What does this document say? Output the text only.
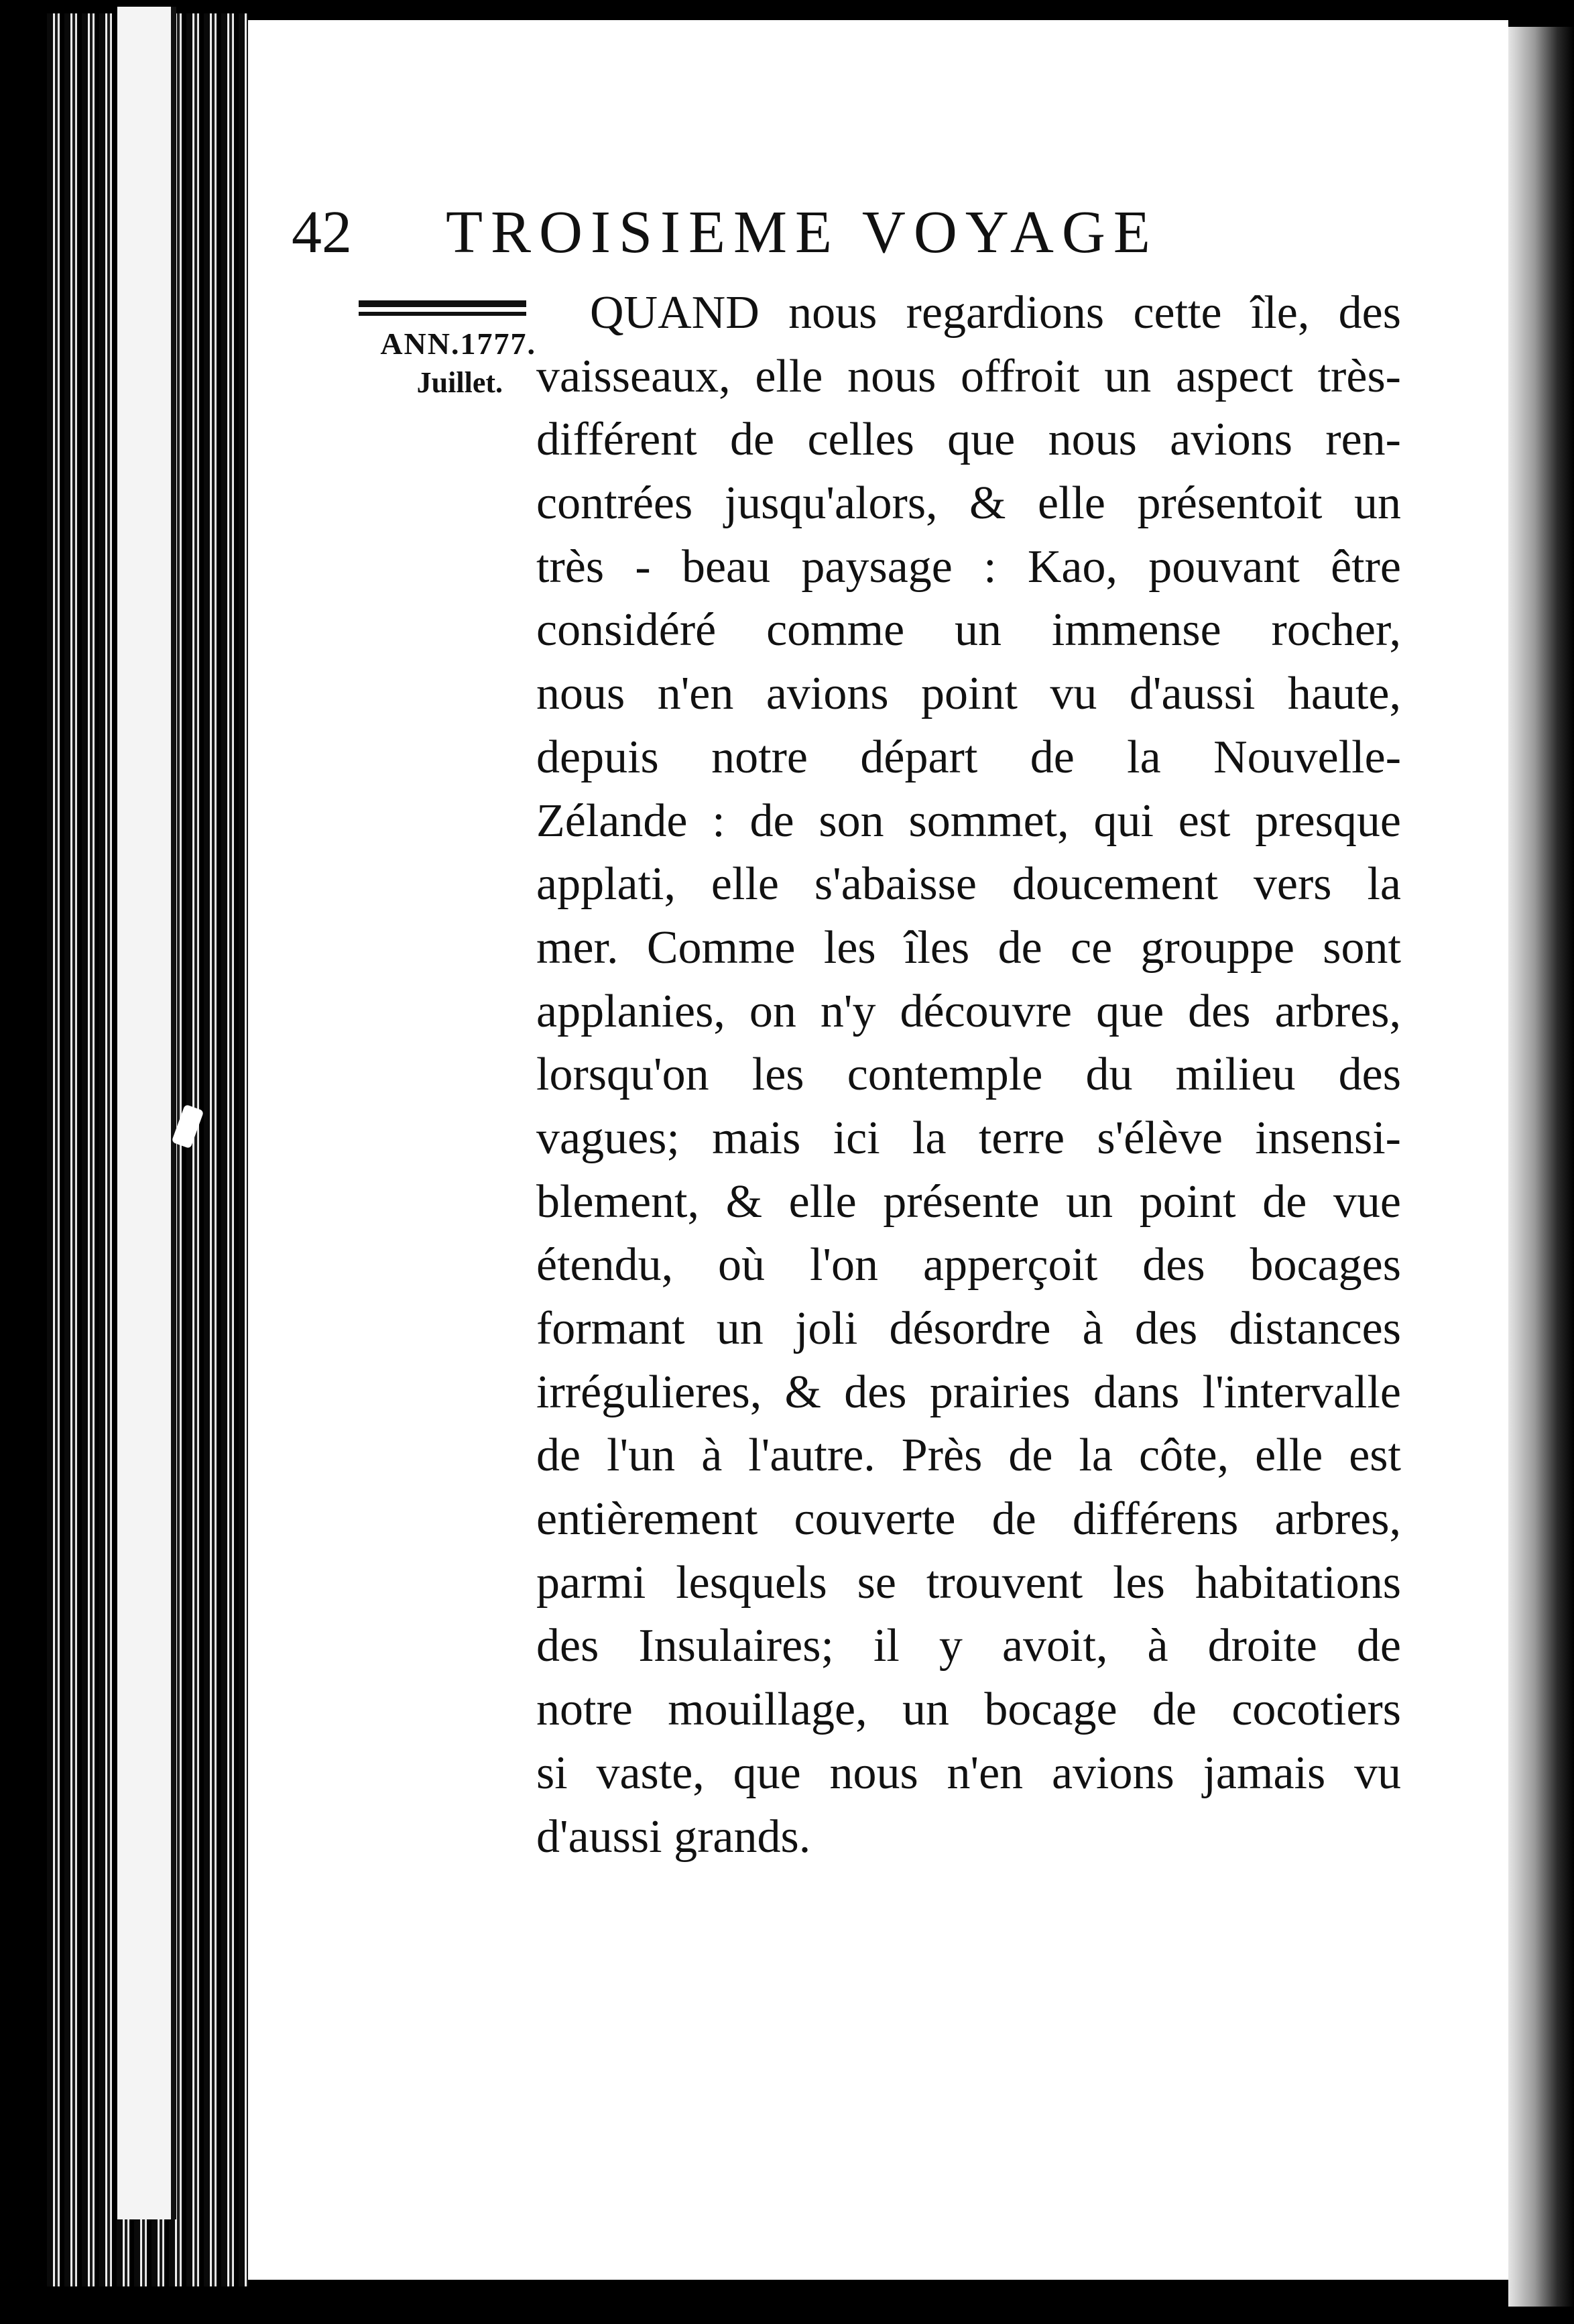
42 TROISIEME VOYAGE
ANN.1777.
Juillet.
QUAND nous regardions cette île, des
vaisseaux, elle nous offroit un aspect très-
différent de celles que nous avions ren-
contrées jusqu'alors, & elle présentoit un
très - beau paysage : Kao, pouvant être
considéré comme un immense rocher,
nous n'en avions point vu d'aussi haute,
depuis notre départ de la Nouvelle-
Zélande : de son sommet, qui est presque
applati, elle s'abaisse doucement vers la
mer. Comme les îles de ce grouppe sont
applanies, on n'y découvre que des arbres,
lorsqu'on les contemple du milieu des
vagues; mais ici la terre s'élève insensi-
blement, & elle présente un point de vue
étendu, où l'on apperçoit des bocages
formant un joli désordre à des distances
irrégulieres, & des prairies dans l'intervalle
de l'un à l'autre. Près de la côte, elle est
entièrement couverte de différens arbres,
parmi lesquels se trouvent les habitations
des Insulaires; il y avoit, à droite de
notre mouillage, un bocage de cocotiers
si vaste, que nous n'en avions jamais vu
d'aussi grands.
